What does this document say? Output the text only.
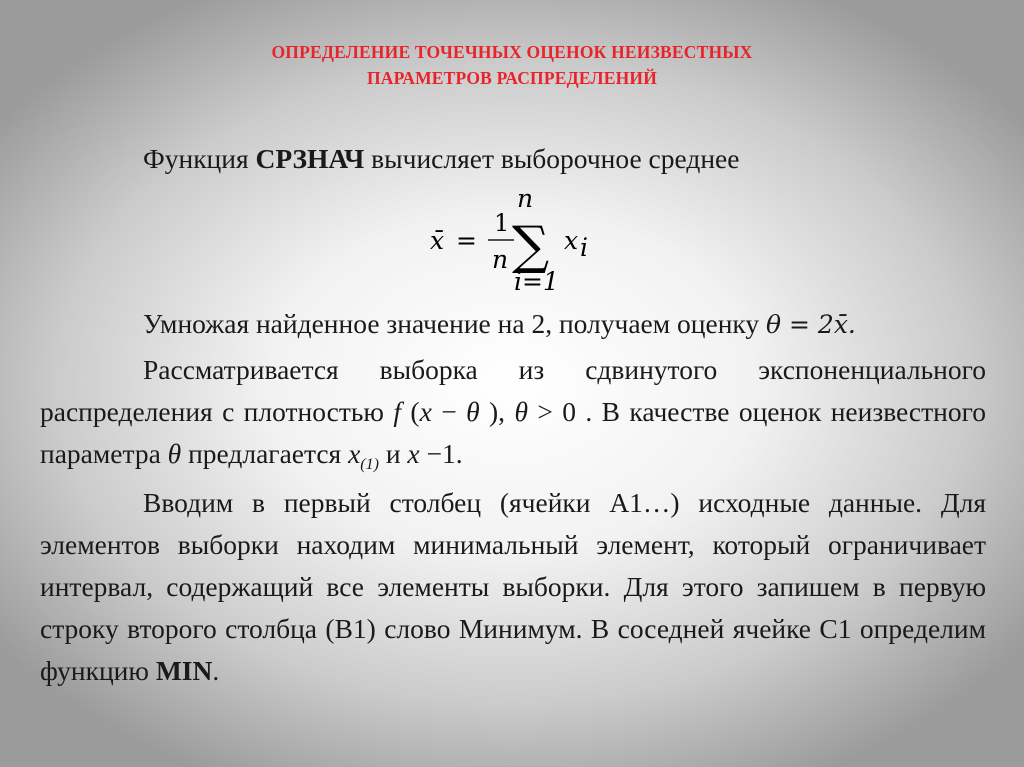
ОПРЕДЕЛЕНИЕ ТОЧЕЧНЫХ ОЦЕНОК НЕИЗВЕСТНЫХ
ПАРАМЕТРОВ РАСПРЕДЕЛЕНИЙ
Функция СРЗНАЧ вычисляет выборочное среднее
x̄ =
1
n
n
∑
i=1
x i
Умножая найденное значение на 2, получаем оценку θ = 2x̄.
Рассматривается выборка из сдвинутого экспоненциального распределения с плотностью f (x − θ ), θ > 0 . В качестве оценок неизвестного параметра θ предлагается $x_{(1)}$ и x −1.
Вводим в первый столбец (ячейки А1…) исходные данные. Для элементов выборки находим минимальный элемент, который ограничивает интервал, содержащий все элементы выборки. Для этого запишем в первую строку второго столбца (B1) слово Минимум. В соседней ячейке C1 определим функцию MIN.
